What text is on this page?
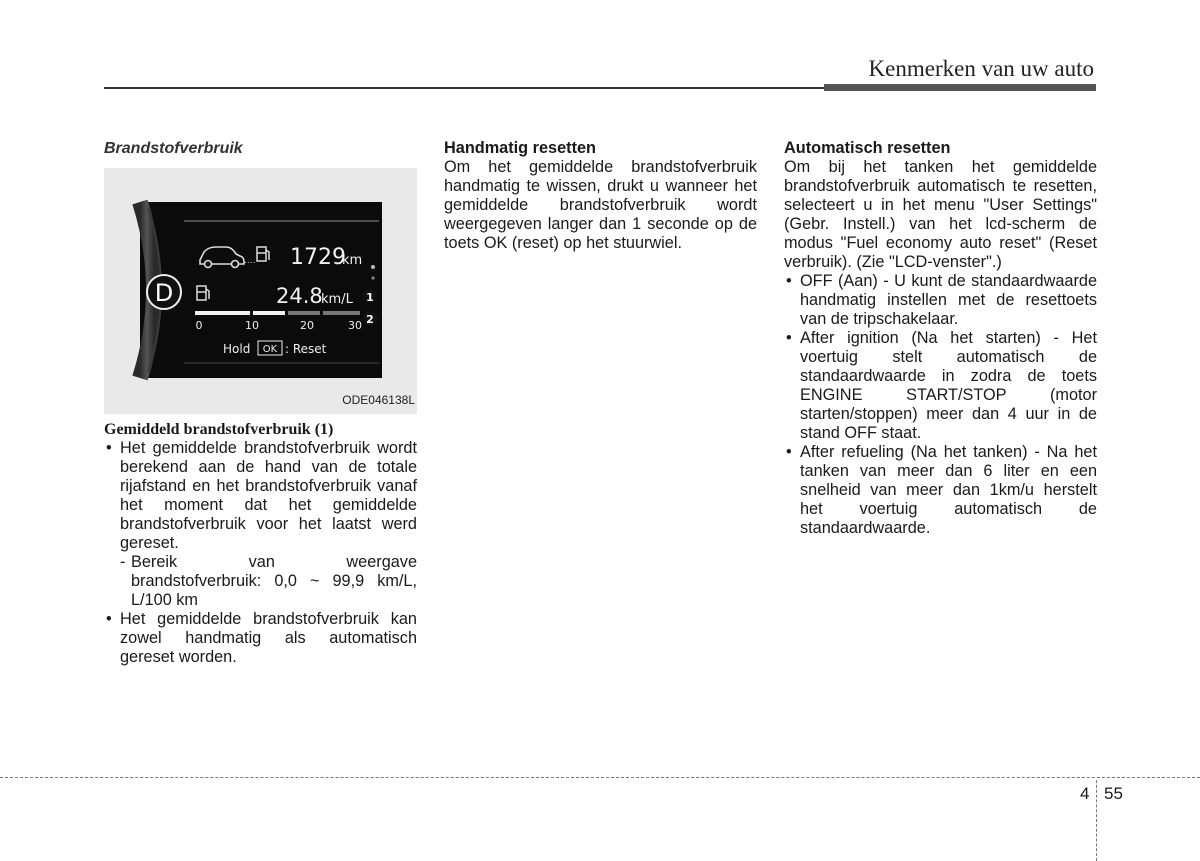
Kenmerken van uw auto
Brandstofverbruik
D
.... 1729
km
24.8
km/L 1
2
0	10	20	30
Hold OK : Reset
ODE046138L
Gemiddeld brandstofverbruik (1)
• Het gemiddelde brandstofverbruik wordt berekend aan de hand van de totale rijafstand en het brandstofverbruik vanaf het moment dat het gemiddelde brandstofverbruik voor het laatst werd gereset.
- Bereik van weergave
brandstofverbruik: 0,0 ~ 99,9 km/L, L/100 km
• Het gemiddelde brandstofverbruik kan zowel handmatig als automatisch gereset worden.
Handmatig resetten
Om het gemiddelde brandstofverbruik handmatig te wissen, drukt u wanneer het gemiddelde brandstofverbruik wordt weergegeven langer dan 1 seconde op de toets OK (reset) op het stuurwiel.
Automatisch resetten
Om bij het tanken het gemiddelde brandstofverbruik automatisch te resetten, selecteert u in het menu "User Settings" (Gebr. Instell.) van het lcd-scherm de modus "Fuel economy auto reset" (Reset verbruik). (Zie "LCD-venster".)
• OFF (Aan) - U kunt de standaardwaarde handmatig instellen met de resettoets van de tripschakelaar.
• After ignition (Na het starten) - Het voertuig stelt automatisch de standaardwaarde in zodra de toets ENGINE START/STOP (motor starten/stoppen) meer dan 4 uur in de stand OFF staat.
• After refueling (Na het tanken) - Na het tanken van meer dan 6 liter en een snelheid van meer dan 1km/u herstelt het voertuig automatisch de standaardwaarde.
4 55
